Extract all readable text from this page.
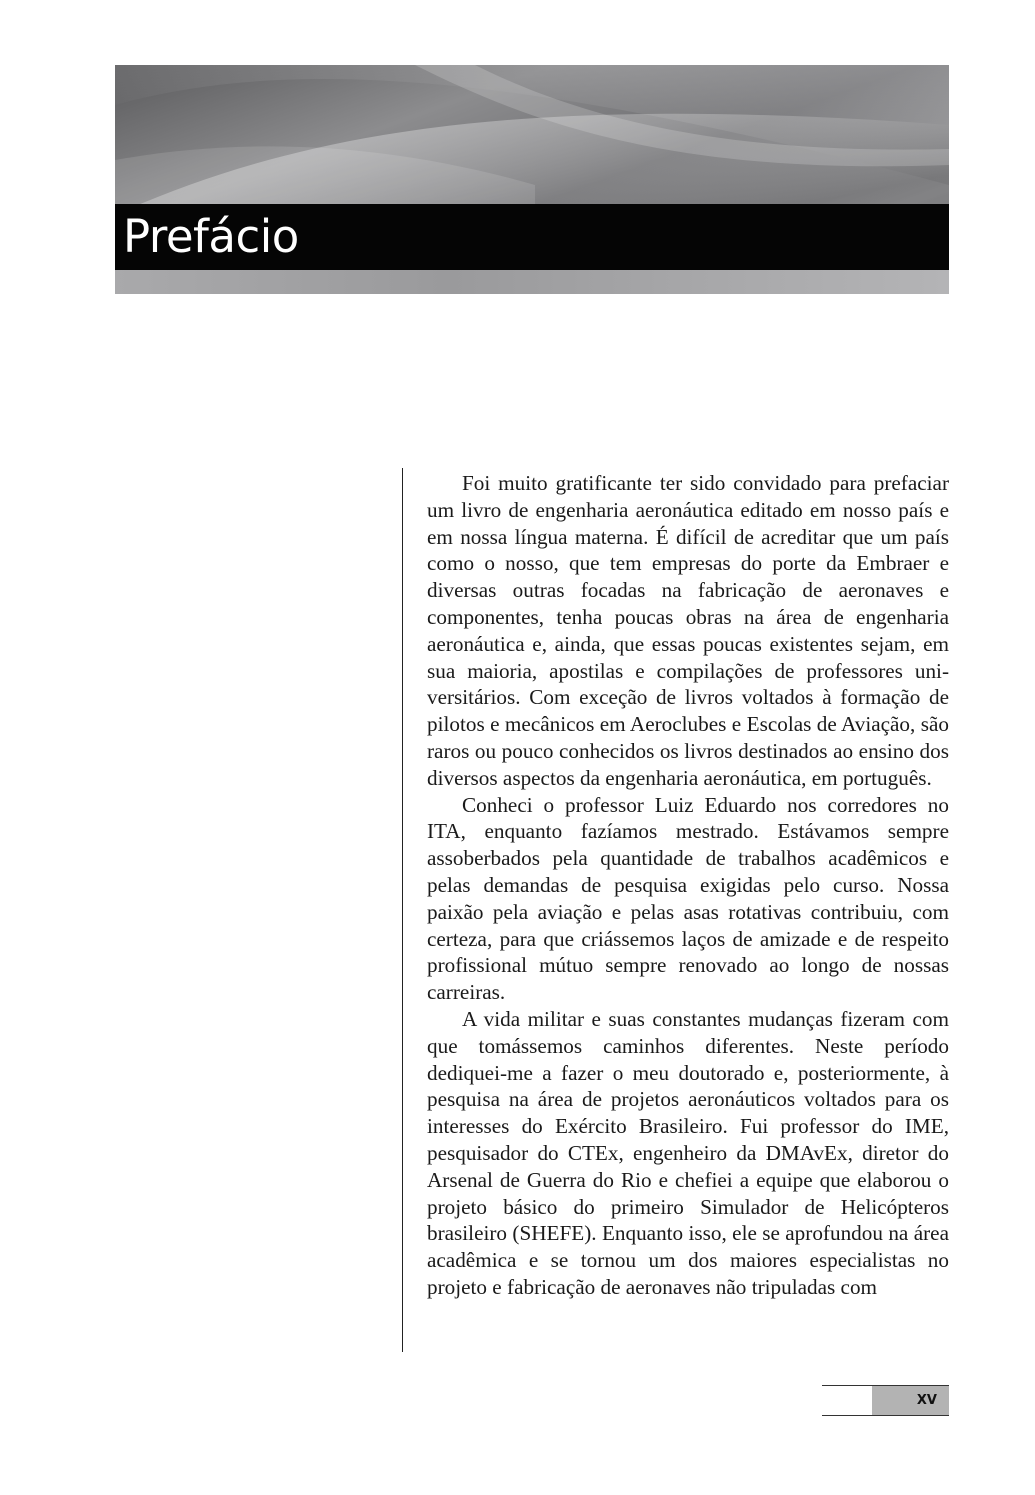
Prefácio

Foi muito gratificante ter sido convidado para prefaciar um livro de engenharia aeronáutica editado em nosso país e em nossa língua materna. É difícil de acreditar que um país como o nosso, que tem empresas do porte da Embraer e diversas outras focadas na fabricação de aeronaves e componentes, tenha poucas obras na área de engenharia aeronáutica e, ainda, que essas poucas existentes sejam, em sua maioria, apostilas e compilações de professores universitários. Com exceção de livros voltados à formação de pilotos e mecânicos em Aeroclubes e Escolas de Aviação, são raros ou pouco conhecidos os livros destinados ao ensino dos diversos aspectos da engenharia aeronáutica, em português.

Conheci o professor Luiz Eduardo nos corredores no ITA, enquanto fazíamos mestrado. Estávamos sempre assoberbados pela quantidade de trabalhos acadêmicos e pelas demandas de pesquisa exigidas pelo curso. Nossa paixão pela aviação e pelas asas rotativas contribuiu, com certeza, para que criássemos laços de amizade e de respeito profissional mútuo sempre renovado ao longo de nossas carreiras.

A vida militar e suas constantes mudanças fizeram com que tomássemos caminhos diferentes. Neste período dediquei-me a fazer o meu doutorado e, posteriormente, à pesquisa na área de projetos aeronáuticos voltados para os interesses do Exército Brasileiro. Fui professor do IME, pesquisador do CTEx, engenheiro da DMAvEx, diretor do Arsenal de Guerra do Rio e chefiei a equipe que elaborou o projeto básico do primeiro Simulador de Helicópteros brasileiro (SHEFE). Enquanto isso, ele se aprofundou na área acadêmica e se tornou um dos maiores especialistas no projeto e fabricação de aeronaves não tripuladas com

XV
